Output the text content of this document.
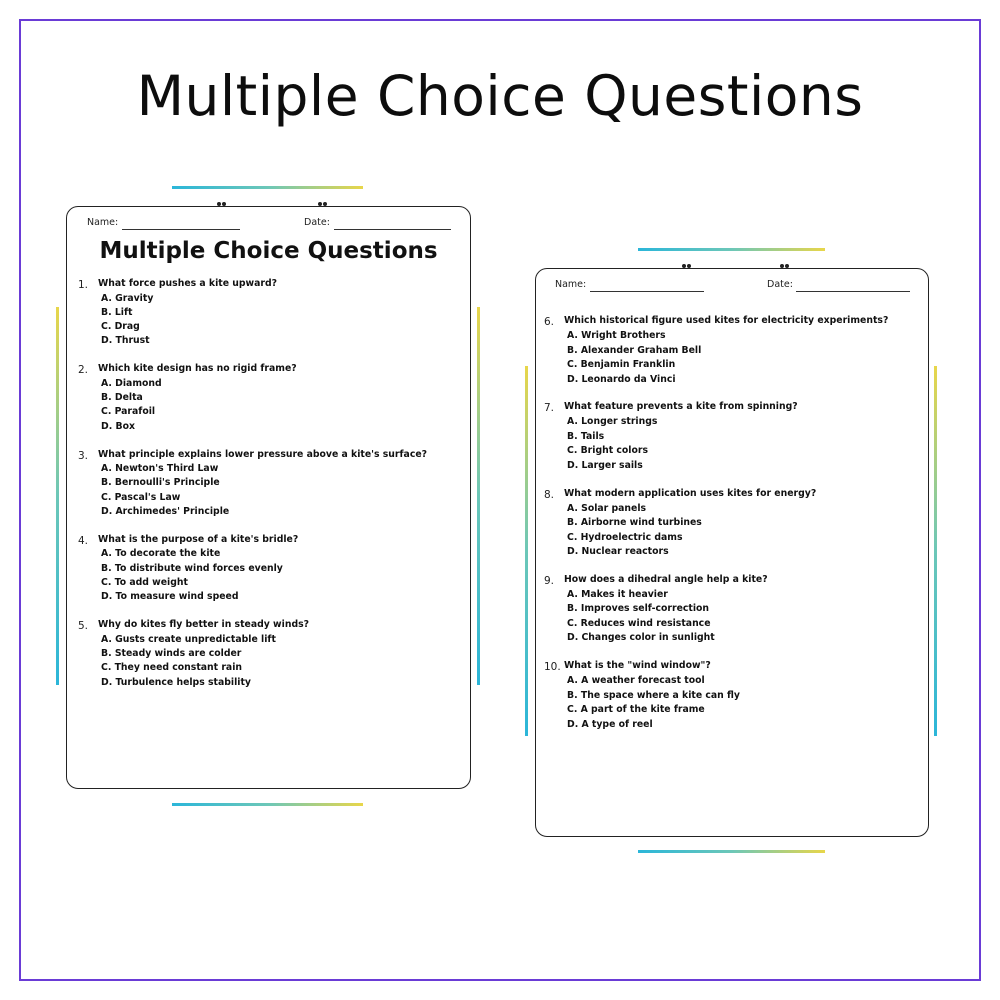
Multiple Choice Questions
Name:	Date:
Multiple Choice Questions
1. What force pushes a kite upward?
A. Gravity
B. Lift
C. Drag
D. Thrust
2. Which kite design has no rigid frame?
A. Diamond
B. Delta
C. Parafoil
D. Box
3. What principle explains lower pressure above a kite's surface?
A. Newton's Third Law
B. Bernoulli's Principle
C. Pascal's Law
D. Archimedes' Principle
4. What is the purpose of a kite's bridle?
A. To decorate the kite
B. To distribute wind forces evenly
C. To add weight
D. To measure wind speed
5. Why do kites fly better in steady winds?
A. Gusts create unpredictable lift
B. Steady winds are colder
C. They need constant rain
D. Turbulence helps stability
Name:	Date:
6. Which historical figure used kites for electricity experiments?
A. Wright Brothers
B. Alexander Graham Bell
C. Benjamin Franklin
D. Leonardo da Vinci
7. What feature prevents a kite from spinning?
A. Longer strings
B. Tails
C. Bright colors
D. Larger sails
8. What modern application uses kites for energy?
A. Solar panels
B. Airborne wind turbines
C. Hydroelectric dams
D. Nuclear reactors
9. How does a dihedral angle help a kite?
A. Makes it heavier
B. Improves self-correction
C. Reduces wind resistance
D. Changes color in sunlight
10. What is the "wind window"?
A. A weather forecast tool
B. The space where a kite can fly
C. A part of the kite frame
D. A type of reel
